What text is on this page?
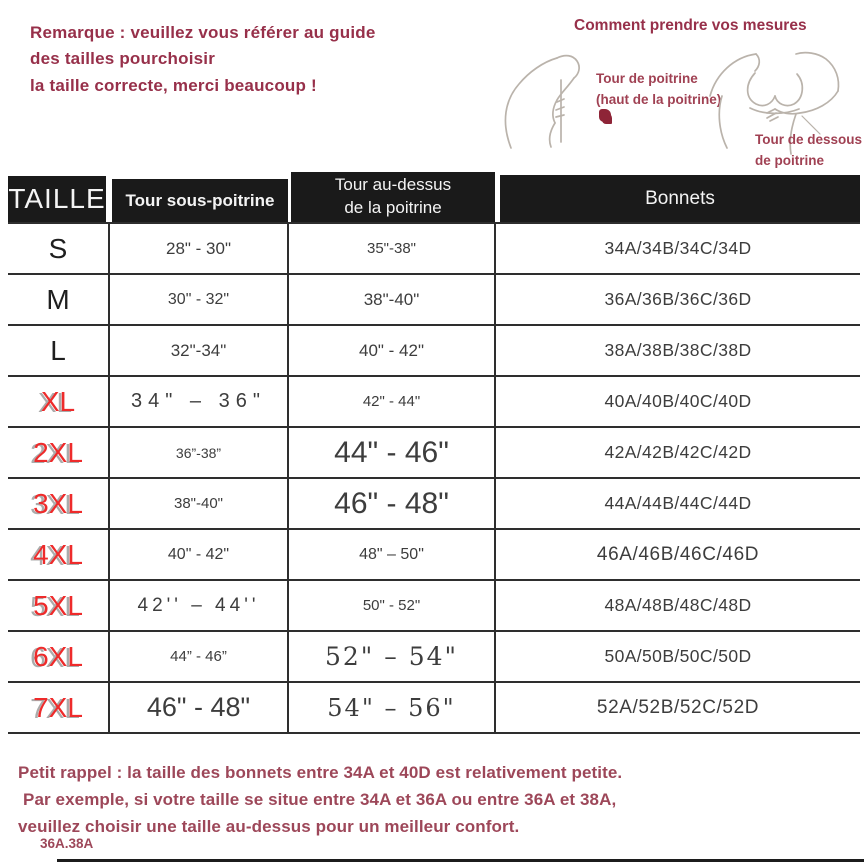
Remarque : veuillez vous référer au guide
des tailles pourchoisir
la taille correcte, merci beaucoup !
Comment prendre vos mesures
Tour de poitrine
(haut de la poitrine)
Tour de dessous
de poitrine
TAILLE	Tour sous-poitrine
Tour au-dessus
de la poitrine	Bonnets
S	28" - 30"	35"-38"	34A/34B/34C/34D
M	30" - 32"	38"-40"	36A/36B/36C/36D
L	32"-34"	40" - 42"	38A/38B/38C/38D
XL	34" – 36"	42" - 44"	40A/40B/40C/40D
2XL	36”-38”	44" - 46"	42A/42B/42C/42D
3XL	38"-40"	46" - 48"	44A/44B/44C/44D
4XL	40" - 42"	48" – 50"	46A/46B/46C/46D
5XL	42'' – 44''	50" - 52"	48A/48B/48C/48D
6XL	44” - 46”	52" – 54"	50A/50B/50C/50D
7XL	46" - 48"	54" – 56"	52A/52B/52C/52D
Petit rappel : la taille des bonnets entre 34A et 40D est relativement petite.
Par exemple, si votre taille se situe entre 34A et 36A ou entre 36A et 38A,
veuillez choisir une taille au-dessus pour un meilleur confort.
36A.38A
